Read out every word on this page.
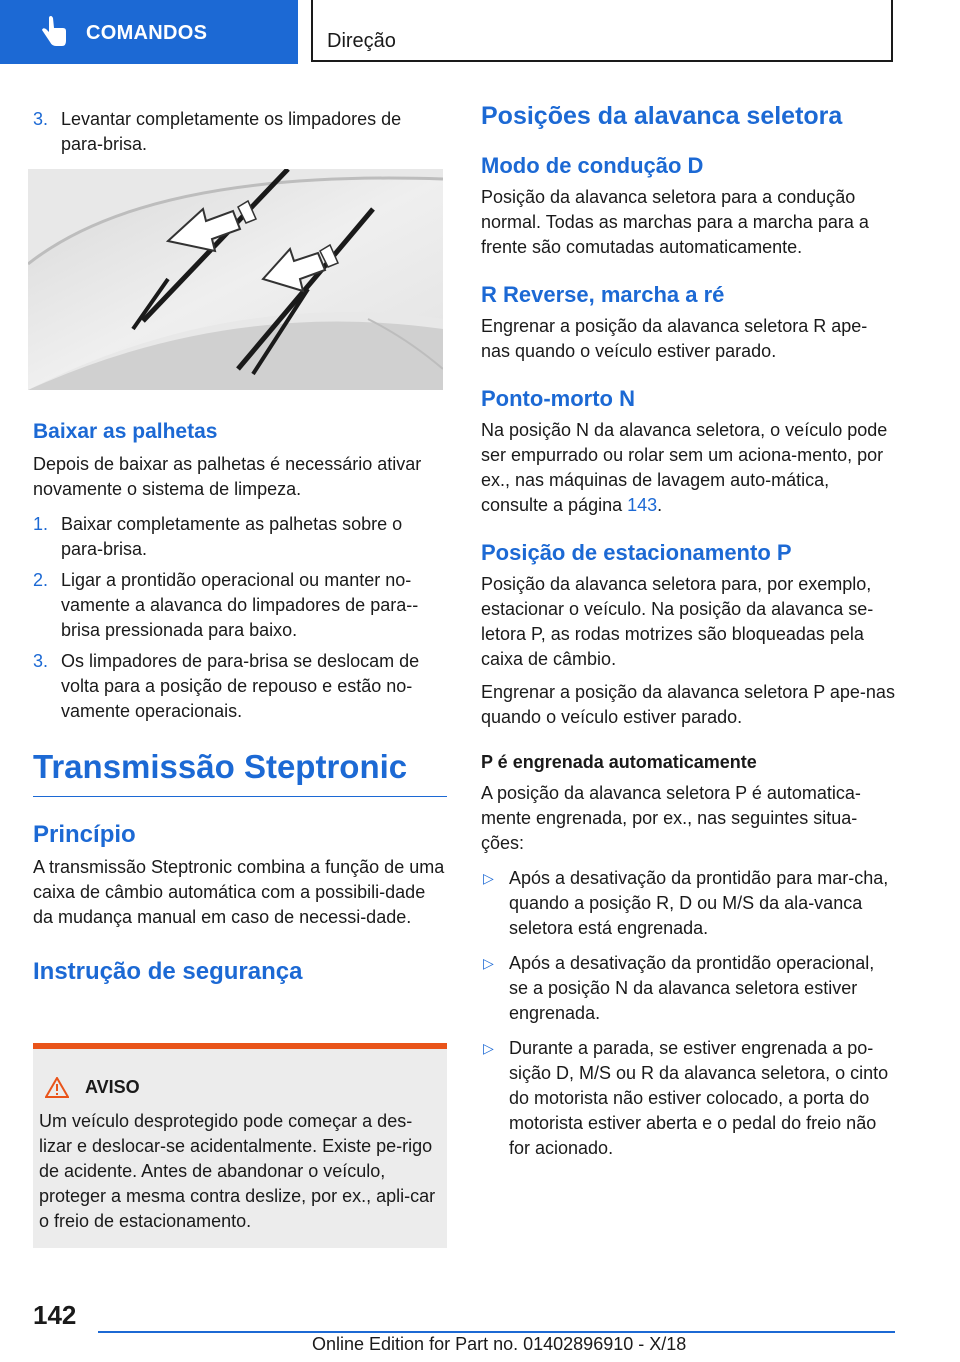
COMANDOS	Direção

3. Levantar completamente os limpadores de para-brisa.

Baixar as palhetas

Depois de baixar as palhetas é necessário ativar novamente o sistema de limpeza.

1. Baixar completamente as palhetas sobre o para-brisa.

2. Ligar a prontidão operacional ou manter no-vamente a alavanca do limpadores de para--brisa pressionada para baixo.

3. Os limpadores de para-brisa se deslocam de volta para a posição de repouso e estão no-vamente operacionais.

Transmissão Steptronic
Princípio

A transmissão Steptronic combina a função de uma caixa de câmbio automática com a possibili-dade da mudança manual em caso de necessi-dade.

Instrução de segurança
AVISO
Um veículo desprotegido pode começar a des-lizar e deslocar-se acidentalmente. Existe pe-rigo de acidente. Antes de abandonar o veículo, proteger a mesma contra deslize, por ex., apli-car o freio de estacionamento.
Posições da alavanca seletora
Modo de condução D

Posição da alavanca seletora para a condução normal. Todas as marchas para a marcha para a frente são comutadas automaticamente.

R Reverse, marcha a ré

Engrenar a posição da alavanca seletora R ape-nas quando o veículo estiver parado.

Ponto-morto N

Na posição N da alavanca seletora, o veículo pode ser empurrado ou rolar sem um aciona-mento, por ex., nas máquinas de lavagem auto-mática, consulte a página 143.

Posição de estacionamento P

Posição da alavanca seletora para, por exemplo, estacionar o veículo. Na posição da alavanca se-letora P, as rodas motrizes são bloqueadas pela caixa de câmbio.

Engrenar a posição da alavanca seletora P ape-nas quando o veículo estiver parado.

P é engrenada automaticamente

A posição da alavanca seletora P é automatica-mente engrenada, por ex., nas seguintes situa-ções:

▷ Após a desativação da prontidão para mar-cha, quando a posição R, D ou M/S da ala-vanca seletora está engrenada.

▷ Após a desativação da prontidão operacional, se a posição N da alavanca seletora estiver engrenada.

▷ Durante a parada, se estiver engrenada a po-sição D, M/S ou R da alavanca seletora, o cinto do motorista não estiver colocado, a porta do motorista estiver aberta e o pedal do freio não for acionado.

142
Online Edition for Part no. 01402896910 - X/18
